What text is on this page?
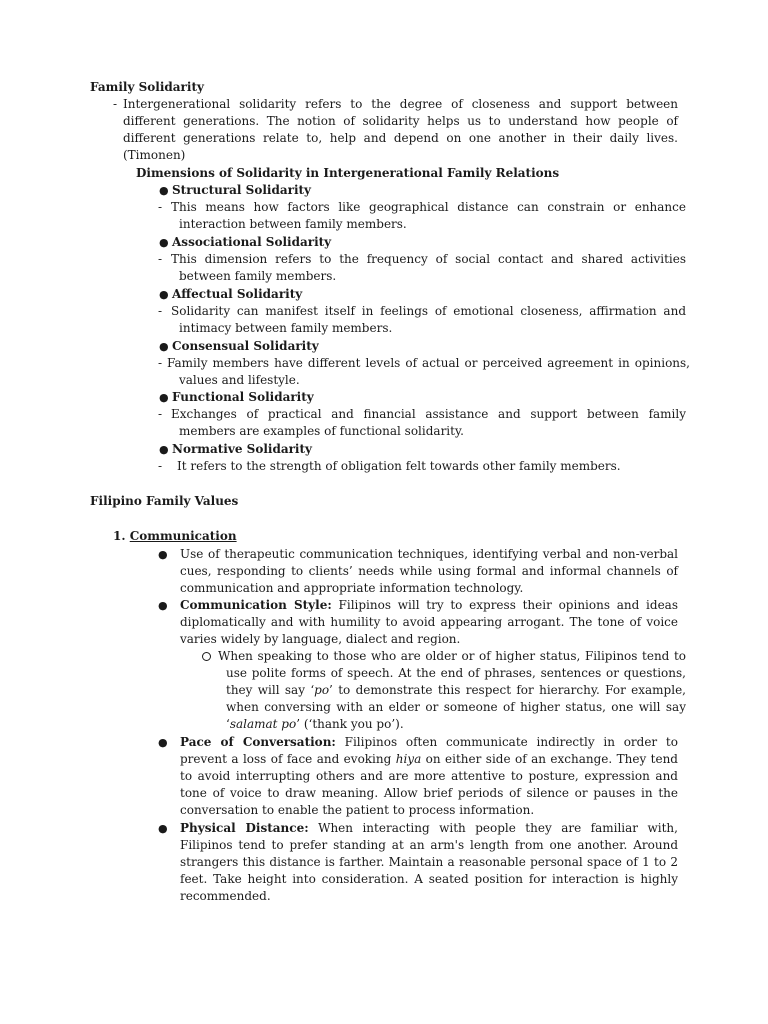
Family Solidarity
- Intergenerational solidarity refers to the degree of closeness and support between different generations. The notion of solidarity helps us to understand how people of different generations relate to, help and depend on one another in their daily lives. (Timonen)
Dimensions of Solidarity in Intergenerational Family Relations
● Structural Solidarity
- This means how factors like geographical distance can constrain or enhance interaction between family members.
● Associational Solidarity
- This dimension refers to the frequency of social contact and shared activities between family members.
● Affectual Solidarity
- Solidarity can manifest itself in feelings of emotional closeness, affirmation and intimacy between family members.
● Consensual Solidarity
- Family members have different levels of actual or perceived agreement in opinions, values and lifestyle.
● Functional Solidarity
- Exchanges of practical and financial assistance and support between family members are examples of functional solidarity.
● Normative Solidarity
- It refers to the strength of obligation felt towards other family members.
Filipino Family Values
1. Communication
● Use of therapeutic communication techniques, identifying verbal and non-verbal cues, responding to clients’ needs while using formal and informal channels of communication and appropriate information technology.
● Communication Style: Filipinos will try to express their opinions and ideas diplomatically and with humility to avoid appearing arrogant. The tone of voice varies widely by language, dialect and region.
When speaking to those who are older or of higher status, Filipinos tend to use polite forms of speech. At the end of phrases, sentences or questions, they will say ‘po’ to demonstrate this respect for hierarchy. For example, when conversing with an elder or someone of higher status, one will say ‘salamat po’ (‘thank you po’).
● Pace of Conversation: Filipinos often communicate indirectly in order to prevent a loss of face and evoking hiya on either side of an exchange. They tend to avoid interrupting others and are more attentive to posture, expression and tone of voice to draw meaning. Allow brief periods of silence or pauses in the conversation to enable the patient to process information.
● Physical Distance: When interacting with people they are familiar with, Filipinos tend to prefer standing at an arm's length from one another. Around strangers this distance is farther. Maintain a reasonable personal space of 1 to 2 feet. Take height into consideration. A seated position for interaction is highly recommended.
